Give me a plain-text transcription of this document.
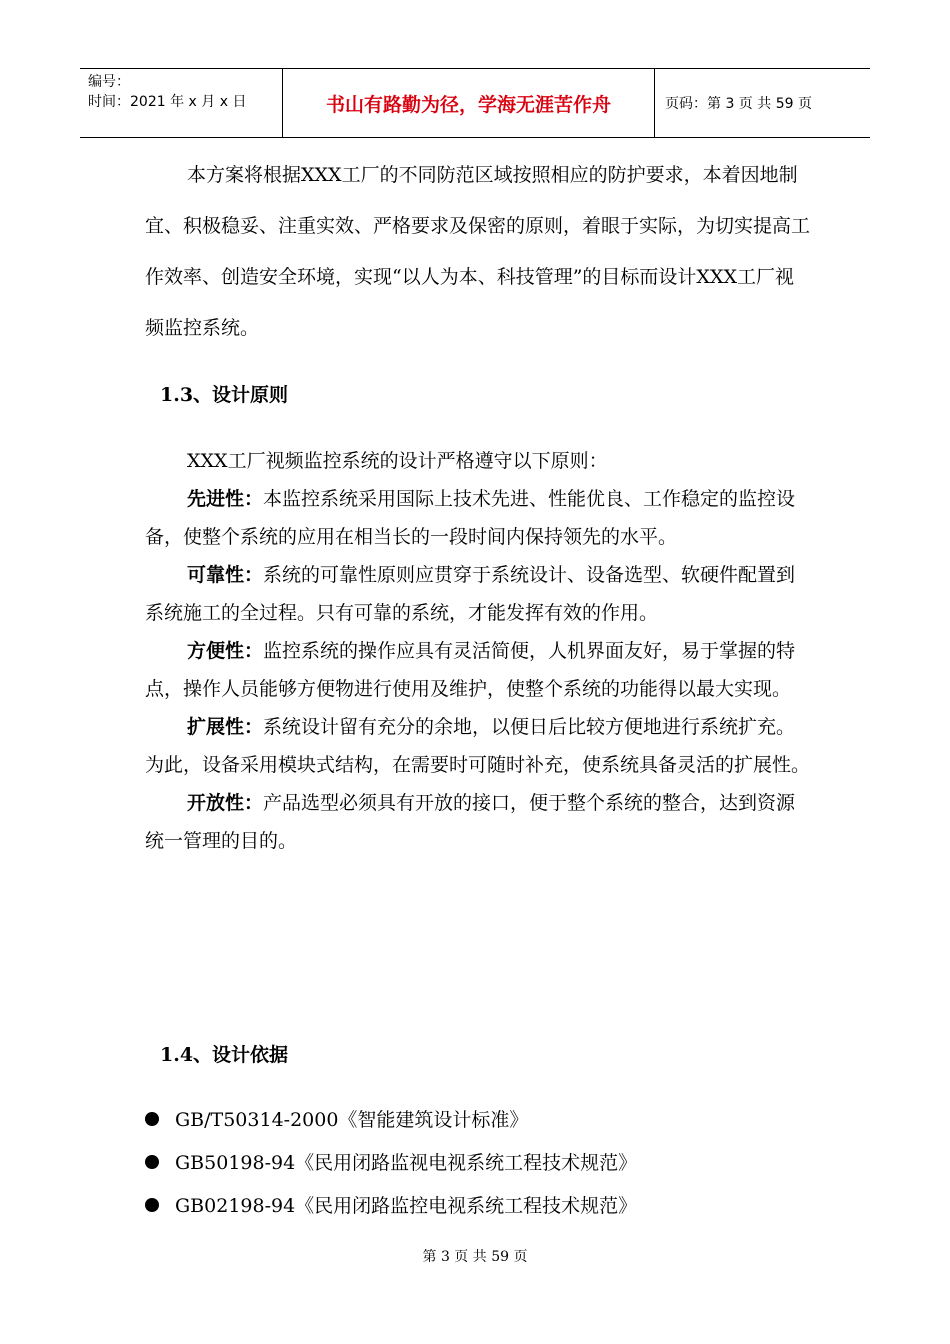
编号：
时间：2021 年 x 月 x 日	书山有路勤为径，学海无涯苦作舟	页码：第 3 页 共 59 页

本方案将根据XXX工厂的不同防范区域按照相应的防护要求，本着因地制宜、积极稳妥、注重实效、严格要求及保密的原则，着眼于实际，为切实提高工作效率、创造安全环境，实现“以人为本、科技管理”的目标而设计XXX工厂视频监控系统。

1.3、设计原则

XXX工厂视频监控系统的设计严格遵守以下原则：

先进性：本监控系统采用国际上技术先进、性能优良、工作稳定的监控设备，使整个系统的应用在相当长的一段时间内保持领先的水平。

可靠性：系统的可靠性原则应贯穿于系统设计、设备选型、软硬件配置到系统施工的全过程。只有可靠的系统，才能发挥有效的作用。

方便性：监控系统的操作应具有灵活简便，人机界面友好，易于掌握的特点，操作人员能够方便物进行使用及维护，使整个系统的功能得以最大实现。

扩展性：系统设计留有充分的余地，以便日后比较方便地进行系统扩充。为此，设备采用模块式结构，在需要时可随时补充，使系统具备灵活的扩展性。

开放性：产品选型必须具有开放的接口，便于整个系统的整合，达到资源统一管理的目的。

1.4、设计依据
GB/T50314-2000《智能建筑设计标准》
GB50198-94《民用闭路监视电视系统工程技术规范》
GB02198-94《民用闭路监控电视系统工程技术规范》
第 3 页 共 59 页
